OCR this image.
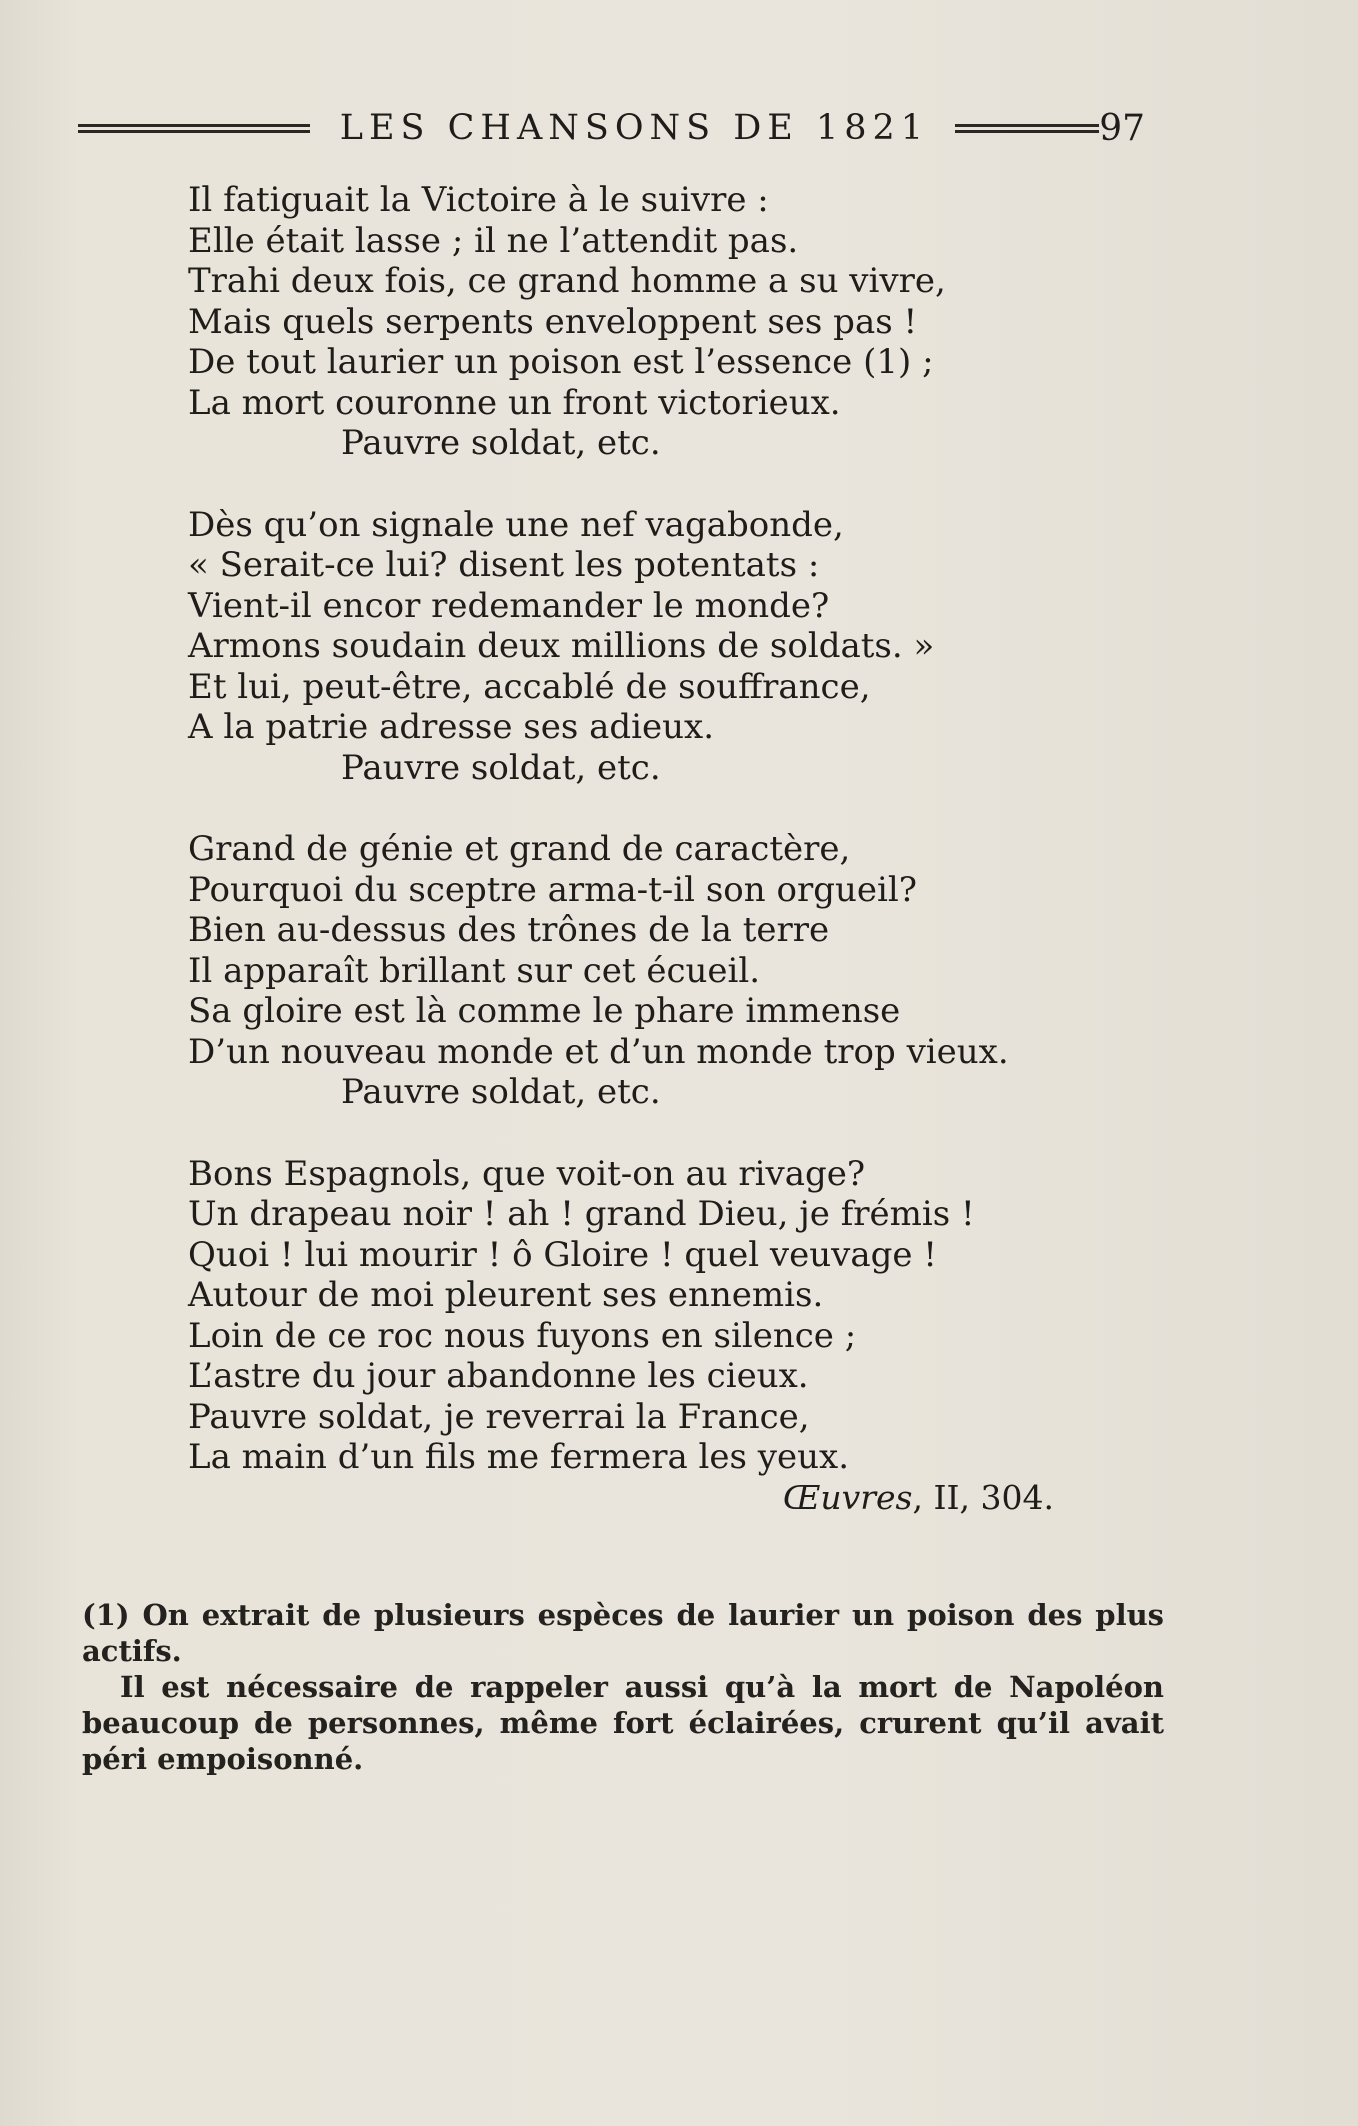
LES CHANSONS DE 1821	97
Il fatiguait la Victoire à le suivre :
Elle était lasse ; il ne l’attendit pas.
Trahi deux fois, ce grand homme a su vivre,
Mais quels serpents enveloppent ses pas !
De tout laurier un poison est l’essence (1) ;
La mort couronne un front victorieux.
Pauvre soldat, etc.
Dès qu’on signale une nef vagabonde,
« Serait-ce lui? disent les potentats :
Vient-il encor redemander le monde?
Armons soudain deux millions de soldats. »
Et lui, peut-être, accablé de souffrance,
A la patrie adresse ses adieux.
Pauvre soldat, etc.
Grand de génie et grand de caractère,
Pourquoi du sceptre arma-t-il son orgueil?
Bien au-dessus des trônes de la terre
Il apparaît brillant sur cet écueil.
Sa gloire est là comme le phare immense
D’un nouveau monde et d’un monde trop vieux.
Pauvre soldat, etc.
Bons Espagnols, que voit-on au rivage?
Un drapeau noir ! ah ! grand Dieu, je frémis !
Quoi ! lui mourir ! ô Gloire ! quel veuvage !
Autour de moi pleurent ses ennemis.
Loin de ce roc nous fuyons en silence ;
L’astre du jour abandonne les cieux.
Pauvre soldat, je reverrai la France,
La main d’un fils me fermera les yeux.
Œuvres, II, 304.

(1) On extrait de plusieurs espèces de laurier un poison des plus actifs.

Il est nécessaire de rappeler aussi qu’à la mort de Napoléon beaucoup de personnes, même fort éclairées, crurent qu’il avait péri empoisonné.
